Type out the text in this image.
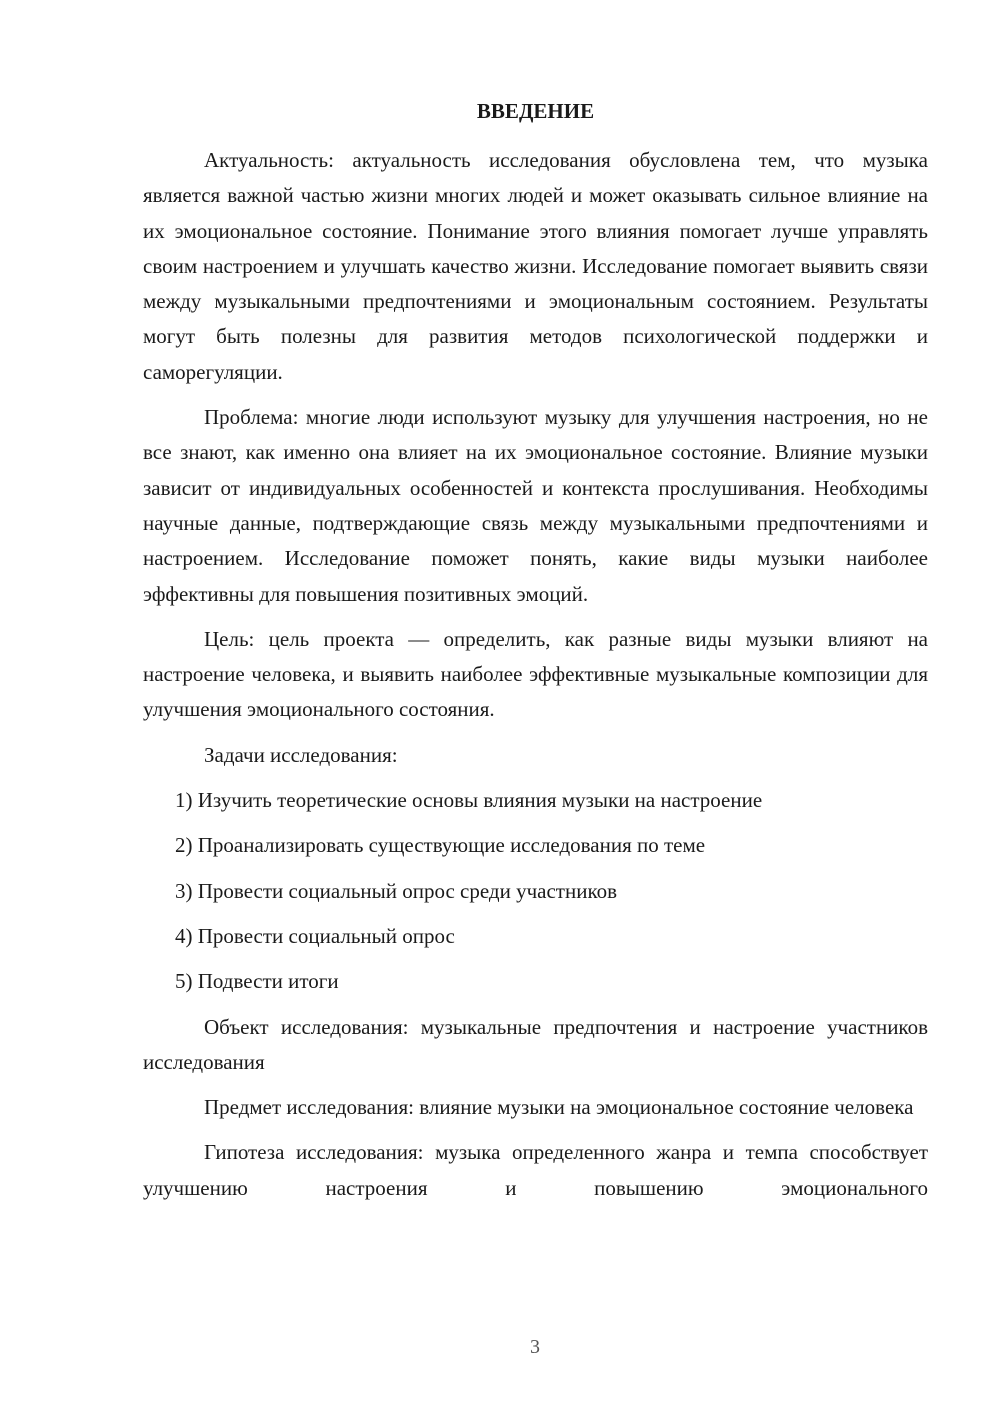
ВВЕДЕНИЕ

Актуальность: актуальность исследования обусловлена тем, что музыка является важной частью жизни многих людей и может оказывать сильное влияние на их эмоциональное состояние. Понимание этого влияния помогает лучше управлять своим настроением и улучшать качество жизни. Исследование помогает выявить связи между музыкальными предпочтениями и эмоциональным состоянием. Результаты могут быть полезны для развития методов психологической поддержки и саморегуляции.

Проблема: многие люди используют музыку для улучшения настроения, но не все знают, как именно она влияет на их эмоциональное состояние. Влияние музыки зависит от индивидуальных особенностей и контекста прослушивания. Необходимы научные данные, подтверждающие связь между музыкальными предпочтениями и настроением. Исследование поможет понять, какие виды музыки наиболее эффективны для повышения позитивных эмоций.

Цель: цель проекта — определить, как разные виды музыки влияют на настроение человека, и выявить наиболее эффективные музыкальные композиции для улучшения эмоционального состояния.

Задачи исследования:

1) Изучить теоретические основы влияния музыки на настроение

2) Проанализировать существующие исследования по теме

3) Провести социальный опрос среди участников

4) Провести социальный опрос

5) Подвести итоги

Объект исследования: музыкальные предпочтения и настроение участников исследования

Предмет исследования: влияние музыки на эмоциональное состояние человека

Гипотеза исследования: музыка определенного жанра и темпа способствует улучшению настроения и повышению эмоционального

3
